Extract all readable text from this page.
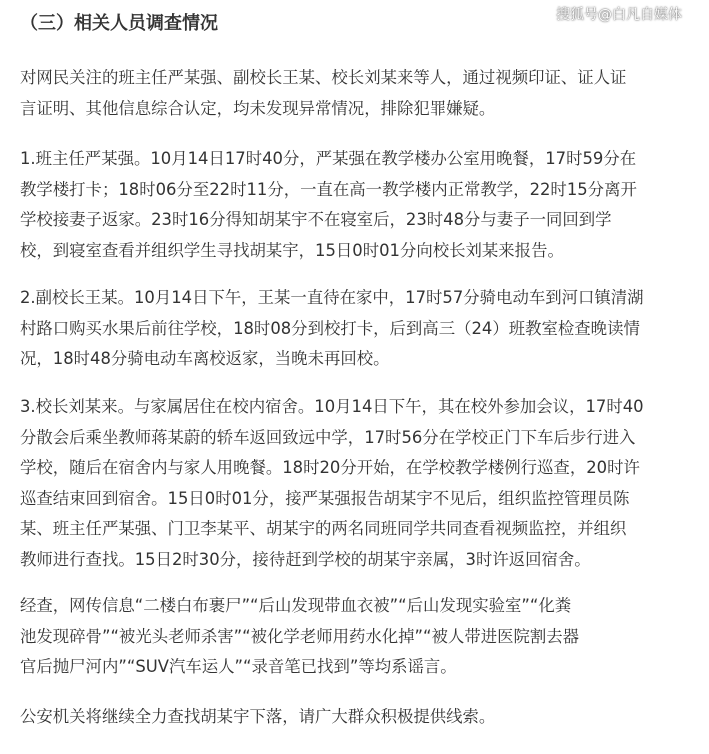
搜狐号@白凡自媒体
（三）相关人员调查情况

对网民关注的班主任严某强、副校长王某、校长刘某来等人，通过视频印证、证人证
言证明、其他信息综合认定，均未发现异常情况，排除犯罪嫌疑。

1.班主任严某强。10月14日17时40分，严某强在教学楼办公室用晚餐，17时59分在
教学楼打卡；18时06分至22时11分，一直在高一教学楼内正常教学，22时15分离开
学校接妻子返家。23时16分得知胡某宇不在寝室后，23时48分与妻子一同回到学
校，到寝室查看并组织学生寻找胡某宇，15日0时01分向校长刘某来报告。

2.副校长王某。10月14日下午，王某一直待在家中，17时57分骑电动车到河口镇清湖
村路口购买水果后前往学校，18时08分到校打卡，后到高三（24）班教室检查晚读情
况，18时48分骑电动车离校返家，当晚未再回校。

3.校长刘某来。与家属居住在校内宿舍。10月14日下午，其在校外参加会议，17时40
分散会后乘坐教师蒋某蔚的轿车返回致远中学，17时56分在学校正门下车后步行进入
学校，随后在宿舍内与家人用晚餐。18时20分开始，在学校教学楼例行巡查，20时许
巡查结束回到宿舍。15日0时01分，接严某强报告胡某宇不见后，组织监控管理员陈
某、班主任严某强、门卫李某平、胡某宇的两名同班同学共同查看视频监控，并组织
教师进行查找。15日2时30分，接待赶到学校的胡某宇亲属，3时许返回宿舍。

经查，网传信息“二楼白布裹尸”“后山发现带血衣被”“后山发现实验室”“化粪
池发现碎骨”“被光头老师杀害”“被化学老师用药水化掉”“被人带进医院割去器
官后抛尸河内”“SUV汽车运人”“录音笔已找到”等均系谣言。

公安机关将继续全力查找胡某宇下落，请广大群众积极提供线索。
